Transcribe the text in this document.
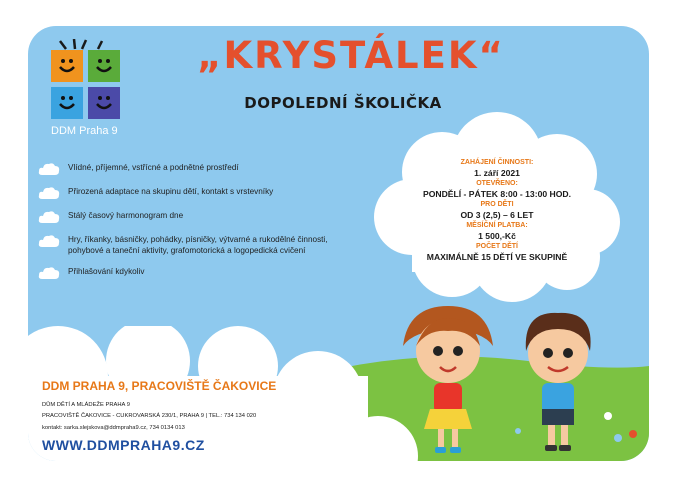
DDM Praha 9
„KRYSTÁLEK“
DOPOLEDNÍ ŠKOLIČKA
Vlídné, příjemné, vstřícné a podnětné prostředí
Přirozená adaptace na skupinu dětí, kontakt s vrstevníky
Stálý časový harmonogram dne
Hry, říkanky, básničky, pohádky, písničky, výtvarné a rukodělné činnosti, pohybové a taneční aktivity, grafomotorická a logopedická cvičení
Přihlašování kdykoliv
ZAHÁJENÍ ČINNOSTI:
1. září 2021
OTEVŘENO:
PONDĚLÍ - PÁTEK 8:00 - 13:00 HOD.
PRO DĚTI
OD 3 (2,5) – 6 LET
MĚSÍČNÍ PLATBA:
1 500,-Kč
POČET DĚTÍ
MAXIMÁLNĚ 15 DĚTÍ VE SKUPINĚ
DDM PRAHA 9, PRACOVIŠTĚ ČAKOVICE
DŮM DĚTÍ A MLÁDEŽE PRAHA 9
PRACOVIŠTĚ ČAKOVICE - CUKROVARSKÁ 230/1, PRAHA 9 | TEL.: 734 134 020
kontakt: sarka.slejskova@ddmpraha9.cz, 734 0134 013
WWW.DDMPRAHA9.CZ
